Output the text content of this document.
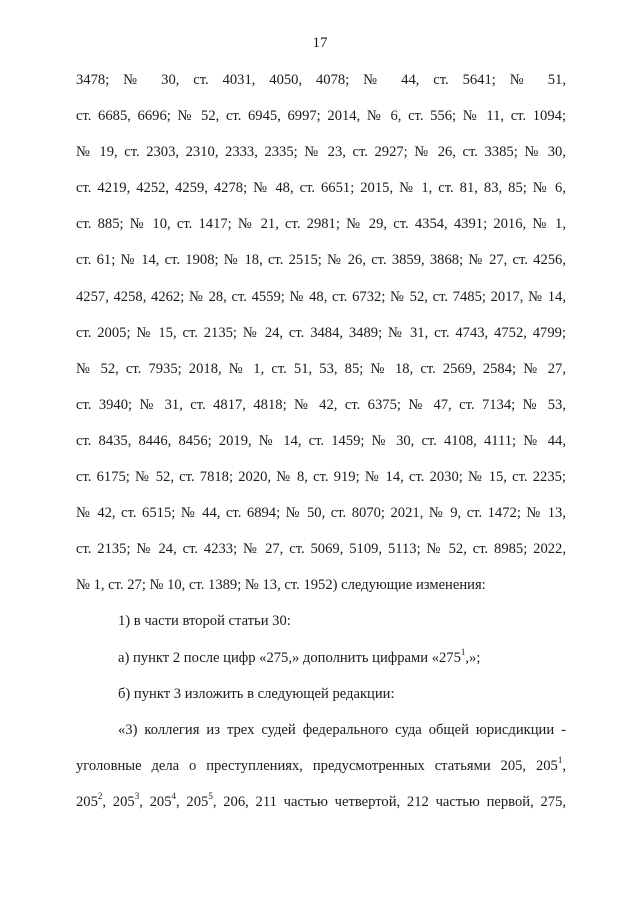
17
3478; № 30, ст. 4031, 4050, 4078; № 44, ст. 5641; № 51,
ст. 6685, 6696; № 52, ст. 6945, 6997; 2014, № 6, ст. 556; № 11, ст. 1094;
№ 19, ст. 2303, 2310, 2333, 2335; № 23, ст. 2927; № 26, ст. 3385; № 30,
ст. 4219, 4252, 4259, 4278; № 48, ст. 6651; 2015, № 1, ст. 81, 83, 85; № 6,
ст. 885; № 10, ст. 1417; № 21, ст. 2981; № 29, ст. 4354, 4391; 2016, № 1,
ст. 61; № 14, ст. 1908; № 18, ст. 2515; № 26, ст. 3859, 3868; № 27, ст. 4256,
4257, 4258, 4262; № 28, ст. 4559; № 48, ст. 6732; № 52, ст. 7485; 2017, № 14,
ст. 2005; № 15, ст. 2135; № 24, ст. 3484, 3489; № 31, ст. 4743, 4752, 4799;
№ 52, ст. 7935; 2018, № 1, ст. 51, 53, 85; № 18, ст. 2569, 2584; № 27,
ст. 3940; № 31, ст. 4817, 4818; № 42, ст. 6375; № 47, ст. 7134; № 53,
ст. 8435, 8446, 8456; 2019, № 14, ст. 1459; № 30, ст. 4108, 4111; № 44,
ст. 6175; № 52, ст. 7818; 2020, № 8, ст. 919; № 14, ст. 2030; № 15, ст. 2235;
№ 42, ст. 6515; № 44, ст. 6894; № 50, ст. 8070; 2021, № 9, ст. 1472; № 13,
ст. 2135; № 24, ст. 4233; № 27, ст. 5069, 5109, 5113; № 52, ст. 8985; 2022,
№ 1, ст. 27; № 10, ст. 1389; № 13, ст. 1952) следующие изменения:
1) в части второй статьи 30:
а) пункт 2 после цифр «275,» дополнить цифрами «$275^1$,»;
б) пункт 3 изложить в следующей редакции:
«3) коллегия из трех судей федерального суда общей юрисдикции -
уголовные дела о преступлениях, предусмотренных статьями 205, $205^1$,
$205^2$, $205^3$, $205^4$, $205^5$, 206, 211 частью четвертой, 212 частью первой, 275,
